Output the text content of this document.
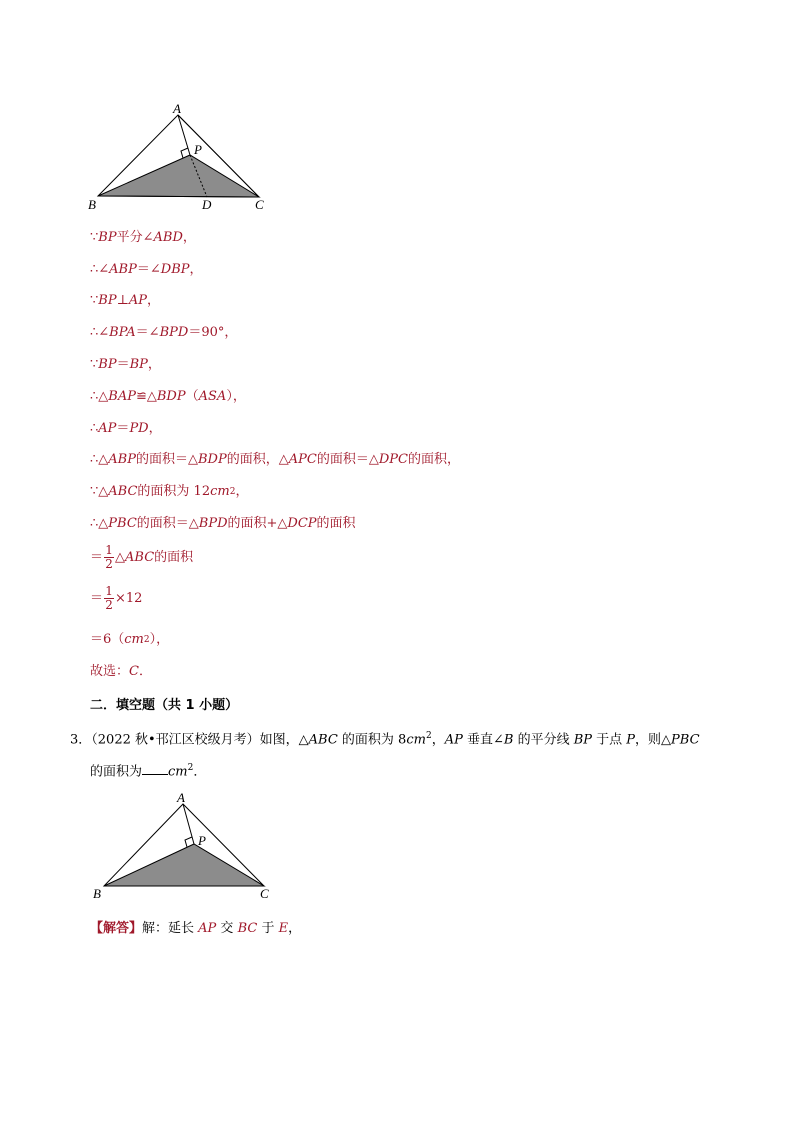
A
P
B	D	C
∵ BP 平分∠ ABD ，
∴∠ ABP ＝∠ DBP ，
∵ BP ⊥ AP ，
∴∠ BPA ＝∠ BPD ＝90°，
∵ BP ＝ BP ，
∴△ BAP ≌△ BDP （ ASA ），
∴ AP ＝ PD ，
∴△ ABP 的面积＝△ BDP 的面积，△ APC 的面积＝△ DPC 的面积，
∵△ ABC 的面积为 12 cm 2 ，
∴△ PBC 的面积＝△ BPD 的面积+△ DCP 的面积
＝ $\frac{1}{2}$ △ ABC 的面积
＝ $\frac{1}{2} \times 12$
＝6（ cm 2 ），
故选： C ．
二．填空题（共 1 小题）
3．（2022 秋•邗江区校级月考）如图，△ABC 的面积为 $8cm^2$，AP 垂直∠B 的平分线 BP 于点 P，则△PBC
的面积为 $cm^2$．
A
P
B	C
【解答】解：延长 AP 交 BC 于 E，
